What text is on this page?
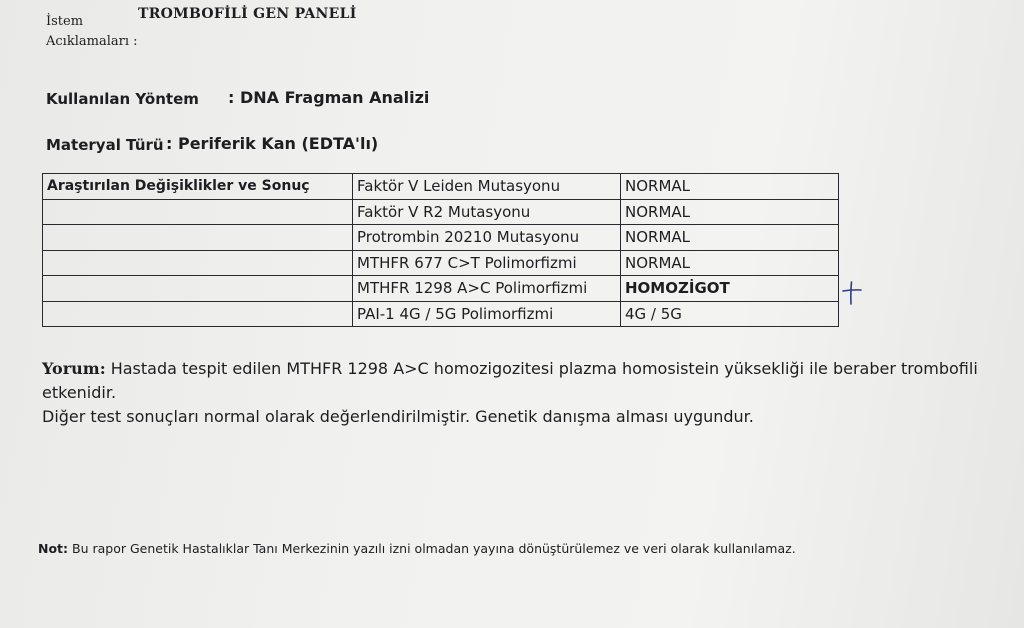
İstem
Acıklamaları :
TROMBOFİLİ GEN PANELİ
Kullanılan Yöntem : DNA Fragman Analizi
Materyal Türü : Periferik Kan (EDTA'lı)
Araştırılan Değişiklikler ve Sonuç	Faktör V Leiden Mutasyonu	NORMAL
	Faktör V R2 Mutasyonu	NORMAL
	Protrombin 20210 Mutasyonu	NORMAL
	MTHFR 677 C>T Polimorfizmi	NORMAL
	MTHFR 1298 A>C Polimorfizmi	HOMOZİGOT
	PAI-1 4G / 5G Polimorfizmi	4G / 5G
Yorum: Hastada tespit edilen MTHFR 1298 A>C homozigozitesi plazma homosistein yüksekliği ile beraber trombofili etkenidir.
Diğer test sonuçları normal olarak değerlendirilmiştir. Genetik danışma alması uygundur.
Not: Bu rapor Genetik Hastalıklar Tanı Merkezinin yazılı izni olmadan yayına dönüştürülemez ve veri olarak kullanılamaz.
